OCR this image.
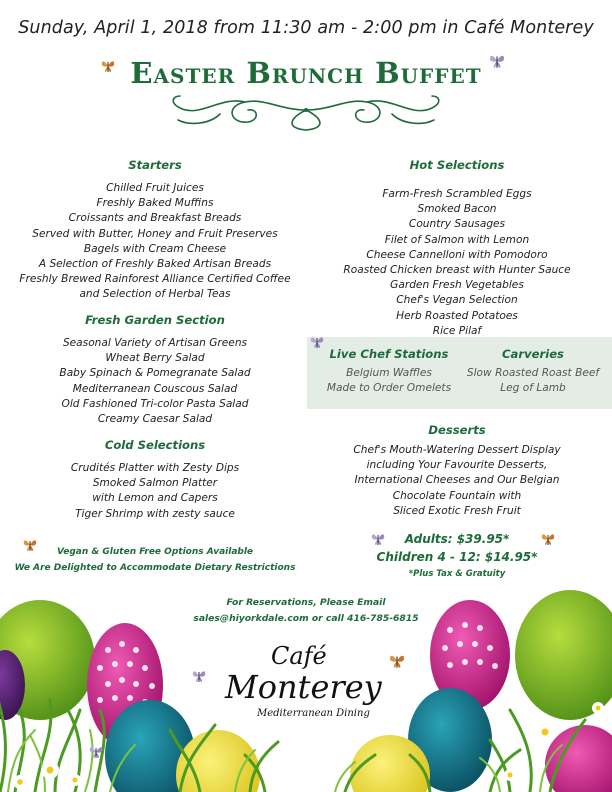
Sunday, April 1, 2018 from 11:30 am - 2:00 pm in Café Monterey
Easter Brunch Buffet
Starters
Chilled Fruit Juices
Freshly Baked Muffins
Croissants and Breakfast Breads
Served with Butter, Honey and Fruit Preserves
Bagels with Cream Cheese
A Selection of Freshly Baked Artisan Breads
Freshly Brewed Rainforest Alliance Certified Coffee
and Selection of Herbal Teas
Fresh Garden Section
Seasonal Variety of Artisan Greens
Wheat Berry Salad
Baby Spinach & Pomegranate Salad
Mediterranean Couscous Salad
Old Fashioned Tri-color Pasta Salad
Creamy Caesar Salad
Cold Selections
Crudités Platter with Zesty Dips
Smoked Salmon Platter
with Lemon and Capers
Tiger Shrimp with zesty sauce
Hot Selections
Farm-Fresh Scrambled Eggs
Smoked Bacon
Country Sausages
Filet of Salmon with Lemon
Cheese Cannelloni with Pomodoro
Roasted Chicken breast with Hunter Sauce
Garden Fresh Vegetables
Chef's Vegan Selection
Herb Roasted Potatoes
Rice Pilaf
Live Chef Stations
Belgium Waffles
Made to Order Omelets
Carveries
Slow Roasted Roast Beef
Leg of Lamb
Desserts
Chef's Mouth-Watering Dessert Display
including Your Favourite Desserts,
International Cheeses and Our Belgian
Chocolate Fountain with
Sliced Exotic Fresh Fruit
Adults: $39.95*
Children 4 - 12: $14.95*
*Plus Tax & Gratuity
Vegan & Gluten Free Options Available
We Are Delighted to Accommodate Dietary Restrictions
For Reservations, Please Email
sales@hiyorkdale.com or call 416-785-6815
Café
Monterey
Mediterranean Dining
